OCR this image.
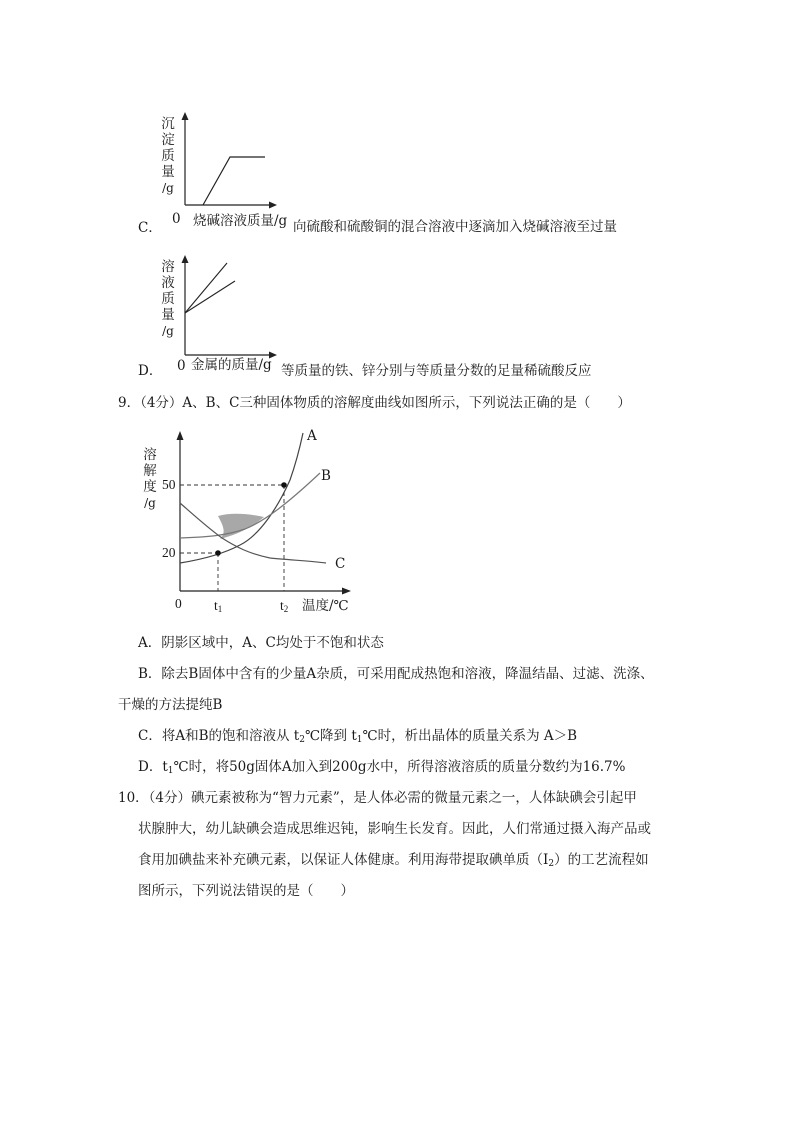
沉
淀
质
量
/g
0
C． 烧碱溶液质量/g 向硫酸和硫酸铜的混合溶液中逐滴加入烧碱溶液至过量
溶
液
质
量
/g
0
D． 金属的质量/g 等质量的铁、锌分别与等质量分数的足量稀硫酸反应
9．（4分）A、B、C三种固体物质的溶解度曲线如图所示，下列说法正确的是（　　）
溶
解
度
/g
50
20
0 $t_1$	$t_2$ 温度/℃
A
B
C
A．阴影区域中，A、C均处于不饱和状态
B．除去B固体中含有的少量A杂质，可采用配成热饱和溶液，降温结晶、过滤、洗涤、
干燥的方法提纯B
C．将A和B的饱和溶液从 $t_2℃$降到 $t_1℃$时，析出晶体的质量关系为 A＞B
D．$t_1℃$时，将50g固体A加入到200g水中，所得溶液溶质的质量分数约为16.7%
10．（4分）碘元素被称为“智力元素”，是人体必需的微量元素之一，人体缺碘会引起甲
状腺肿大，幼儿缺碘会造成思维迟钝，影响生长发育。因此，人们常通过摄入海产品或
食用加碘盐来补充碘元素，以保证人体健康。利用海带提取碘单质$(I_2)$的工艺流程如
图所示，下列说法错误的是（　　）
